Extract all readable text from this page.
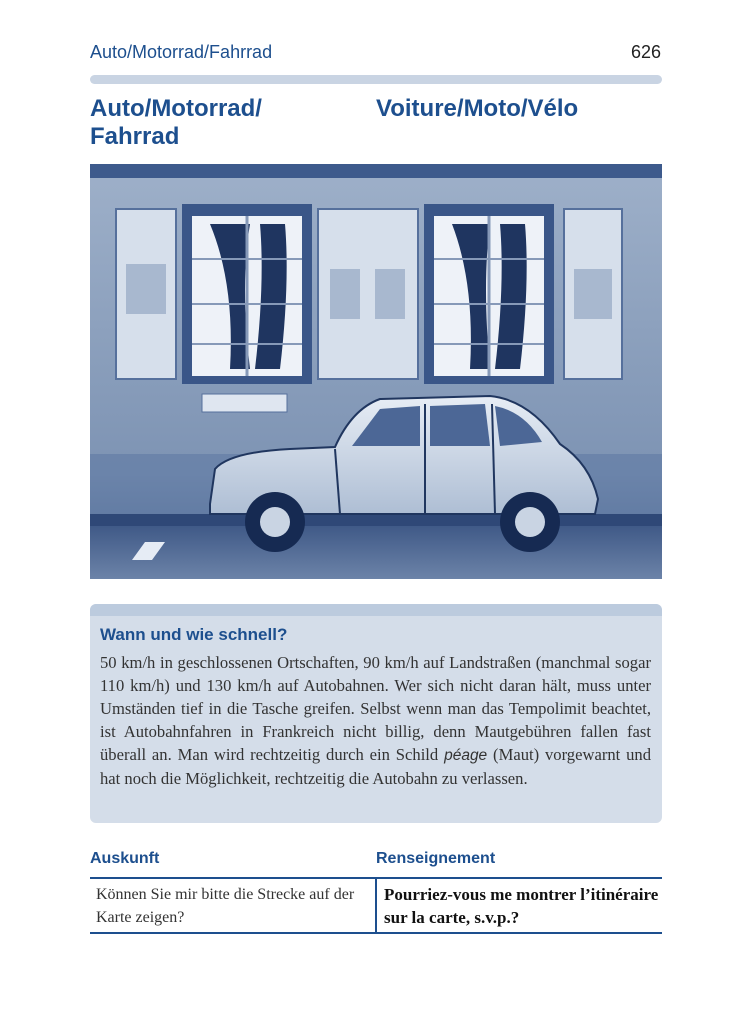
Auto/Motorrad/Fahrrad	626
Auto/Motorrad/
Fahrrad
Voiture/Moto/Vélo
Wann und wie schnell?
50 km/h in geschlossenen Ortschaften, 90 km/h auf Landstraßen (manchmal sogar 110 km/h) und 130 km/h auf Autobahnen. Wer sich nicht daran hält, muss unter Umständen tief in die Tasche greifen. Selbst wenn man das Tempolimit beachtet, ist Autobahnfahren in Frankreich nicht billig, denn Mautgebühren fallen fast überall an. Man wird rechtzeitig durch ein Schild péage (Maut) vorgewarnt und hat noch die Möglichkeit, rechtzeitig die Autobahn zu verlassen.
Auskunft	Renseignement
Können Sie mir bitte die Strecke auf der Karte zeigen?
Pourriez-vous me montrer l’itinéraire sur la carte, s.v.p.?
